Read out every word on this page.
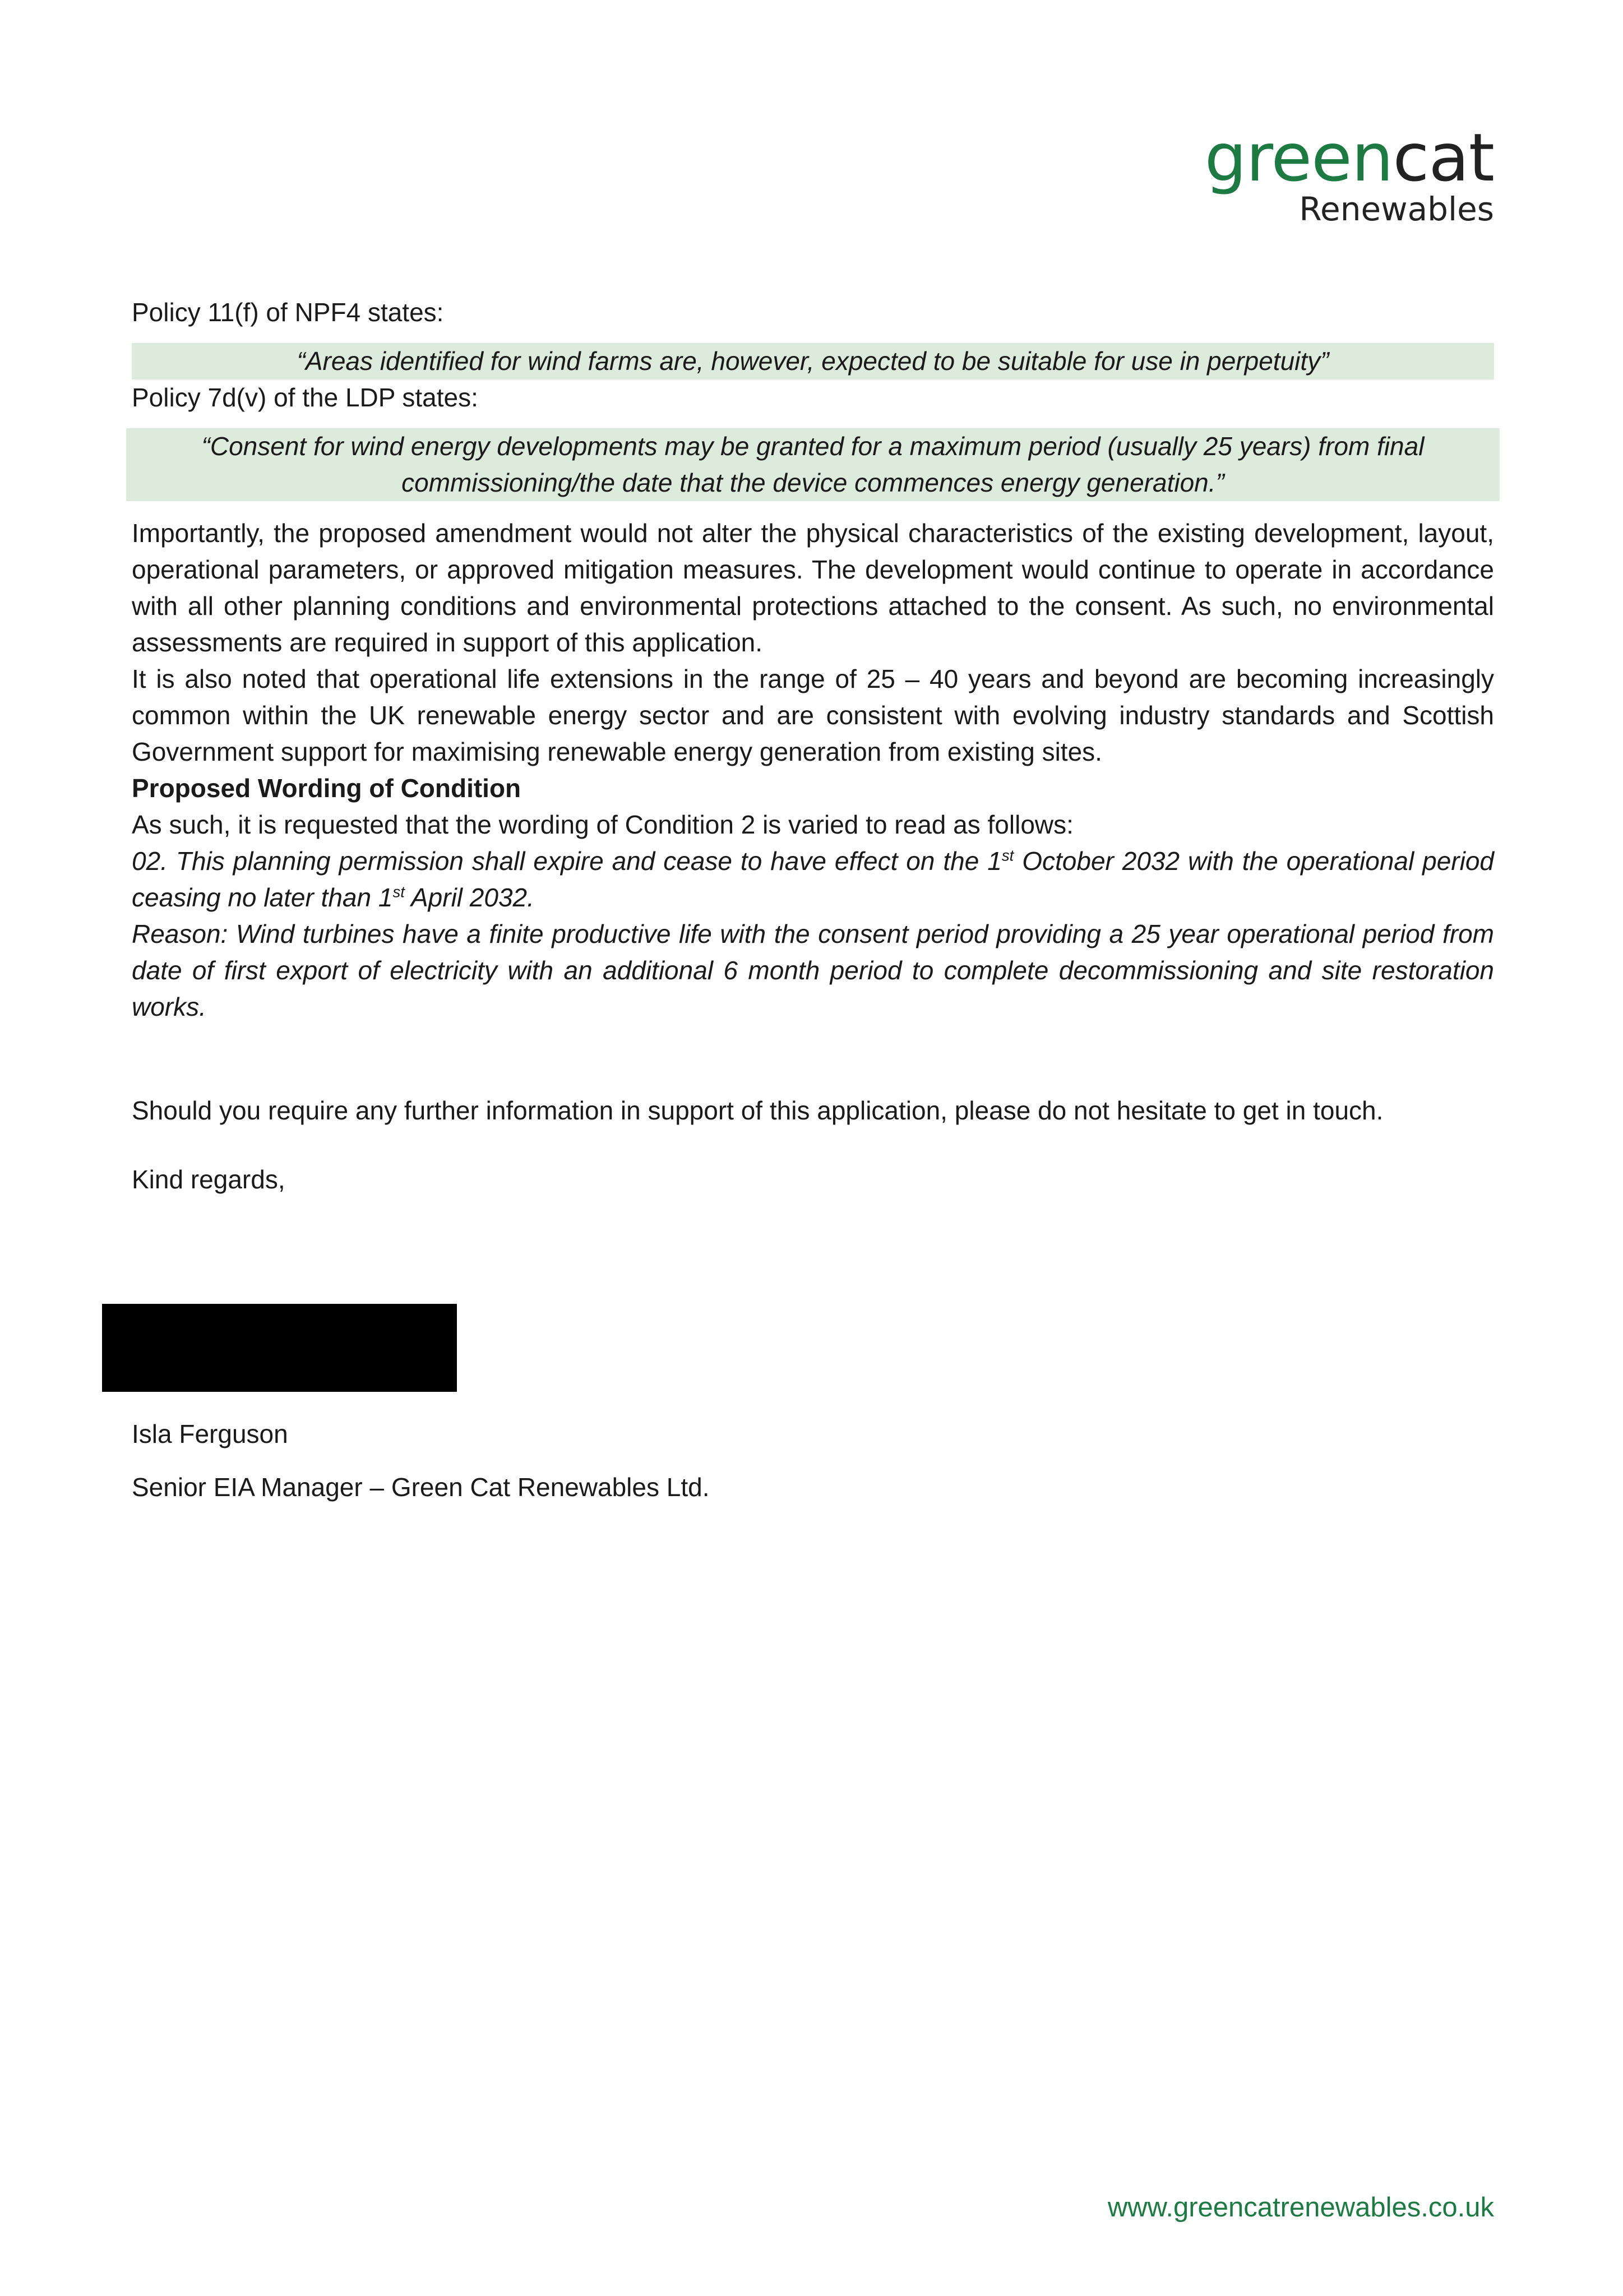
greencat
Renewables

Policy 11(f) of NPF4 states:

“Areas identified for wind farms are, however, expected to be suitable for use in perpetuity”

Policy 7d(v) of the LDP states:

“Consent for wind energy developments may be granted for a maximum period (usually 25 years) from final
commissioning/the date that the device commences energy generation.”

Importantly, the proposed amendment would not alter the physical characteristics of the existing development, layout, operational parameters, or approved mitigation measures. The development would continue to operate in accordance with all other planning conditions and environmental protections attached to the consent. As such, no environmental assessments are required in support of this application.

It is also noted that operational life extensions in the range of 25 – 40 years and beyond are becoming increasingly common within the UK renewable energy sector and are consistent with evolving industry standards and Scottish Government support for maximising renewable energy generation from existing sites.

Proposed Wording of Condition

As such, it is requested that the wording of Condition 2 is varied to read as follows:

02. This planning permission shall expire and cease to have effect on the 1st October 2032 with the operational period ceasing no later than 1st April 2032.

Reason: Wind turbines have a finite productive life with the consent period providing a 25 year operational period from date of first export of electricity with an additional 6 month period to complete decommissioning and site restoration works.

Should you require any further information in support of this application, please do not hesitate to get in touch.

Kind regards,

Isla Ferguson

Senior EIA Manager – Green Cat Renewables Ltd.

www.greencatrenewables.co.uk
